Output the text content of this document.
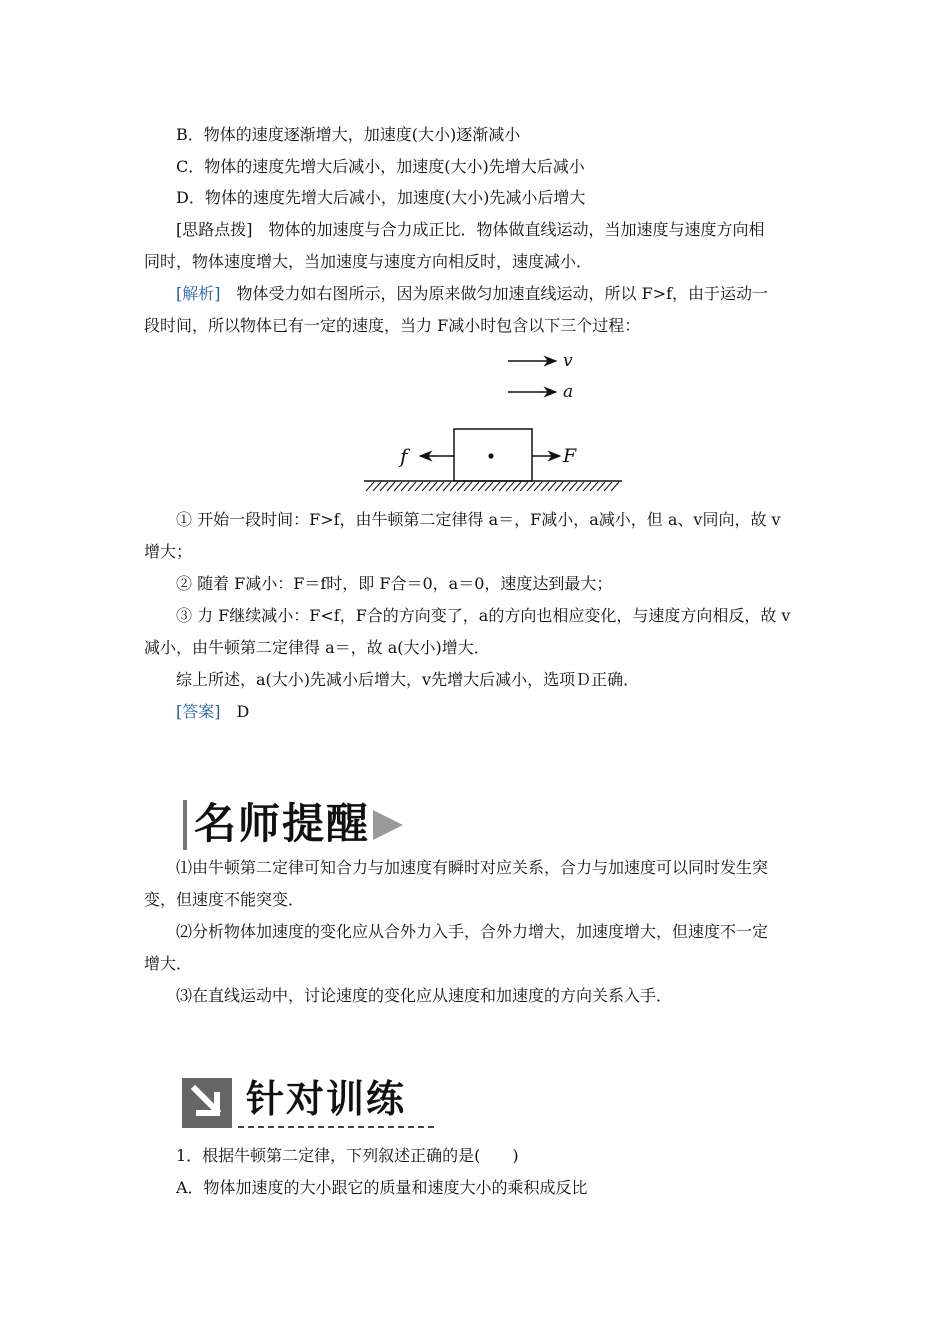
B．物体的速度逐渐增大，加速度(大小)逐渐减小
C．物体的速度先增大后减小，加速度(大小)先增大后减小
D．物体的速度先增大后减小，加速度(大小)先减小后增大
[思路点拨]　物体的加速度与合力成正比．物体做直线运动，当加速度与速度方向相
同时，物体速度增大，当加速度与速度方向相反时，速度减小．
[解析]　物体受力如右图所示，因为原来做匀加速直线运动，所以 F>f，由于运动一
段时间，所以物体已有一定的速度，当力 F减小时包含以下三个过程：
v
a
f	F
① 开始一段时间：F>f，由牛顿第二定律得 a＝，F减小，a减小，但 a、v同向，故 v
增大；
② 随着 F减小：F＝f时，即 F合＝0，a＝0，速度达到最大；
③ 力 F继续减小：F<f，F合的方向变了，a的方向也相应变化，与速度方向相反，故 v
减小，由牛顿第二定律得 a＝，故 a(大小)增大．
综上所述，a(大小)先减小后增大，v先增大后减小，选项Ｄ正确．
[答案]　D
名师提醒
⑴由牛顿第二定律可知合力与加速度有瞬时对应关系，合力与加速度可以同时发生突
变，但速度不能突变．
⑵分析物体加速度的变化应从合外力入手，合外力增大，加速度增大，但速度不一定
增大．
⑶在直线运动中，讨论速度的变化应从速度和加速度的方向关系入手．
针对训练
1．根据牛顿第二定律，下列叙述正确的是(　　)
A．物体加速度的大小跟它的质量和速度大小的乘积成反比
